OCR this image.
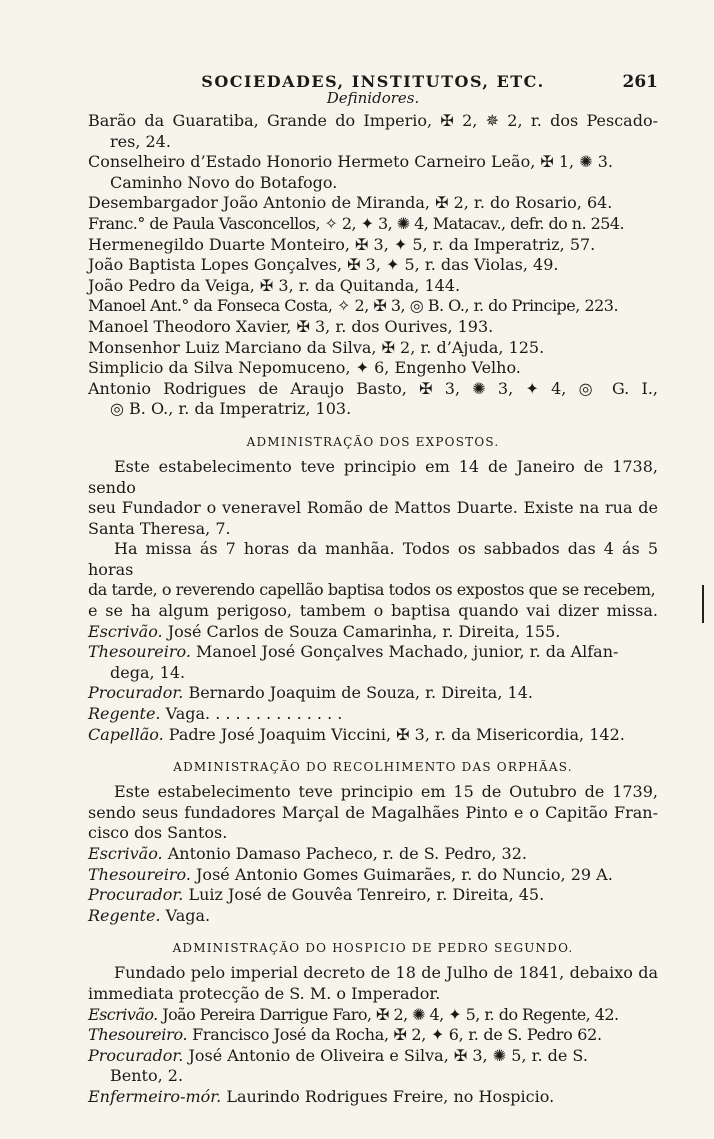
SOCIEDADES, INSTITUTOS, ETC.	261
Definidores.
Barão da Guaratiba, Grande do Imperio, ✠ 2, ✵ 2, r. dos Pescado-
res, 24.
Conselheiro d’Estado Honorio Hermeto Carneiro Leão, ✠ 1, ✺ 3.
Caminho Novo do Botafogo.
Desembargador João Antonio de Miranda, ✠ 2, r. do Rosario, 64.
Franc.° de Paula Vasconcellos, ✧ 2, ✦ 3, ✺ 4, Matacav., defr. do n. 254.
Hermenegildo Duarte Monteiro, ✠ 3, ✦ 5, r. da Imperatriz, 57.
João Baptista Lopes Gonçalves, ✠ 3, ✦ 5, r. das Violas, 49.
João Pedro da Veiga, ✠ 3, r. da Quitanda, 144.
Manoel Ant.° da Fonseca Costa, ✧ 2, ✠ 3, ◎ B. O., r. do Principe, 223.
Manoel Theodoro Xavier, ✠ 3, r. dos Ourives, 193.
Monsenhor Luiz Marciano da Silva, ✠ 2, r. d’Ajuda, 125.
Simplicio da Silva Nepomuceno, ✦ 6, Engenho Velho.
Antonio Rodrigues de Araujo Basto, ✠ 3, ✺ 3, ✦ 4, ◎ G. I.,
◎ B. O., r. da Imperatriz, 103.
ADMINISTRAÇÃO DOS EXPOSTOS.
Este estabelecimento teve principio em 14 de Janeiro de 1738, sendo
seu Fundador o veneravel Romão de Mattos Duarte. Existe na rua de
Santa Theresa, 7.
Ha missa ás 7 horas da manhãa. Todos os sabbados das 4 ás 5 horas
da tarde, o reverendo capellão baptisa todos os expostos que se recebem,
e se ha algum perigoso, tambem o baptisa quando vai dizer missa.
Escrivão. José Carlos de Souza Camarinha, r. Direita, 155.
Thesoureiro. Manoel José Gonçalves Machado, junior, r. da Alfan-
dega, 14.
Procurador. Bernardo Joaquim de Souza, r. Direita, 14.
Regente. Vaga. . . . . . . . . . . . . .
Capellão. Padre José Joaquim Viccini, ✠ 3, r. da Misericordia, 142.
ADMINISTRAÇÃO DO RECOLHIMENTO DAS ORPHÃAS.
Este estabelecimento teve principio em 15 de Outubro de 1739,
sendo seus fundadores Marçal de Magalhães Pinto e o Capitão Fran-
cisco dos Santos.
Escrivão. Antonio Damaso Pacheco, r. de S. Pedro, 32.
Thesoureiro. José Antonio Gomes Guimarães, r. do Nuncio, 29 A.
Procurador. Luiz José de Gouvêa Tenreiro, r. Direita, 45.
Regente. Vaga.
ADMINISTRAÇÃO DO HOSPICIO DE PEDRO SEGUNDO.
Fundado pelo imperial decreto de 18 de Julho de 1841, debaixo da
immediata protecção de S. M. o Imperador.
Escrivão. João Pereira Darrigue Faro, ✠ 2, ✺ 4, ✦ 5, r. do Regente, 42.
Thesoureiro. Francisco José da Rocha, ✠ 2, ✦ 6, r. de S. Pedro 62.
Procurador. José Antonio de Oliveira e Silva, ✠ 3, ✺ 5, r. de S.
Bento, 2.
Enfermeiro-mór. Laurindo Rodrigues Freire, no Hospicio.
